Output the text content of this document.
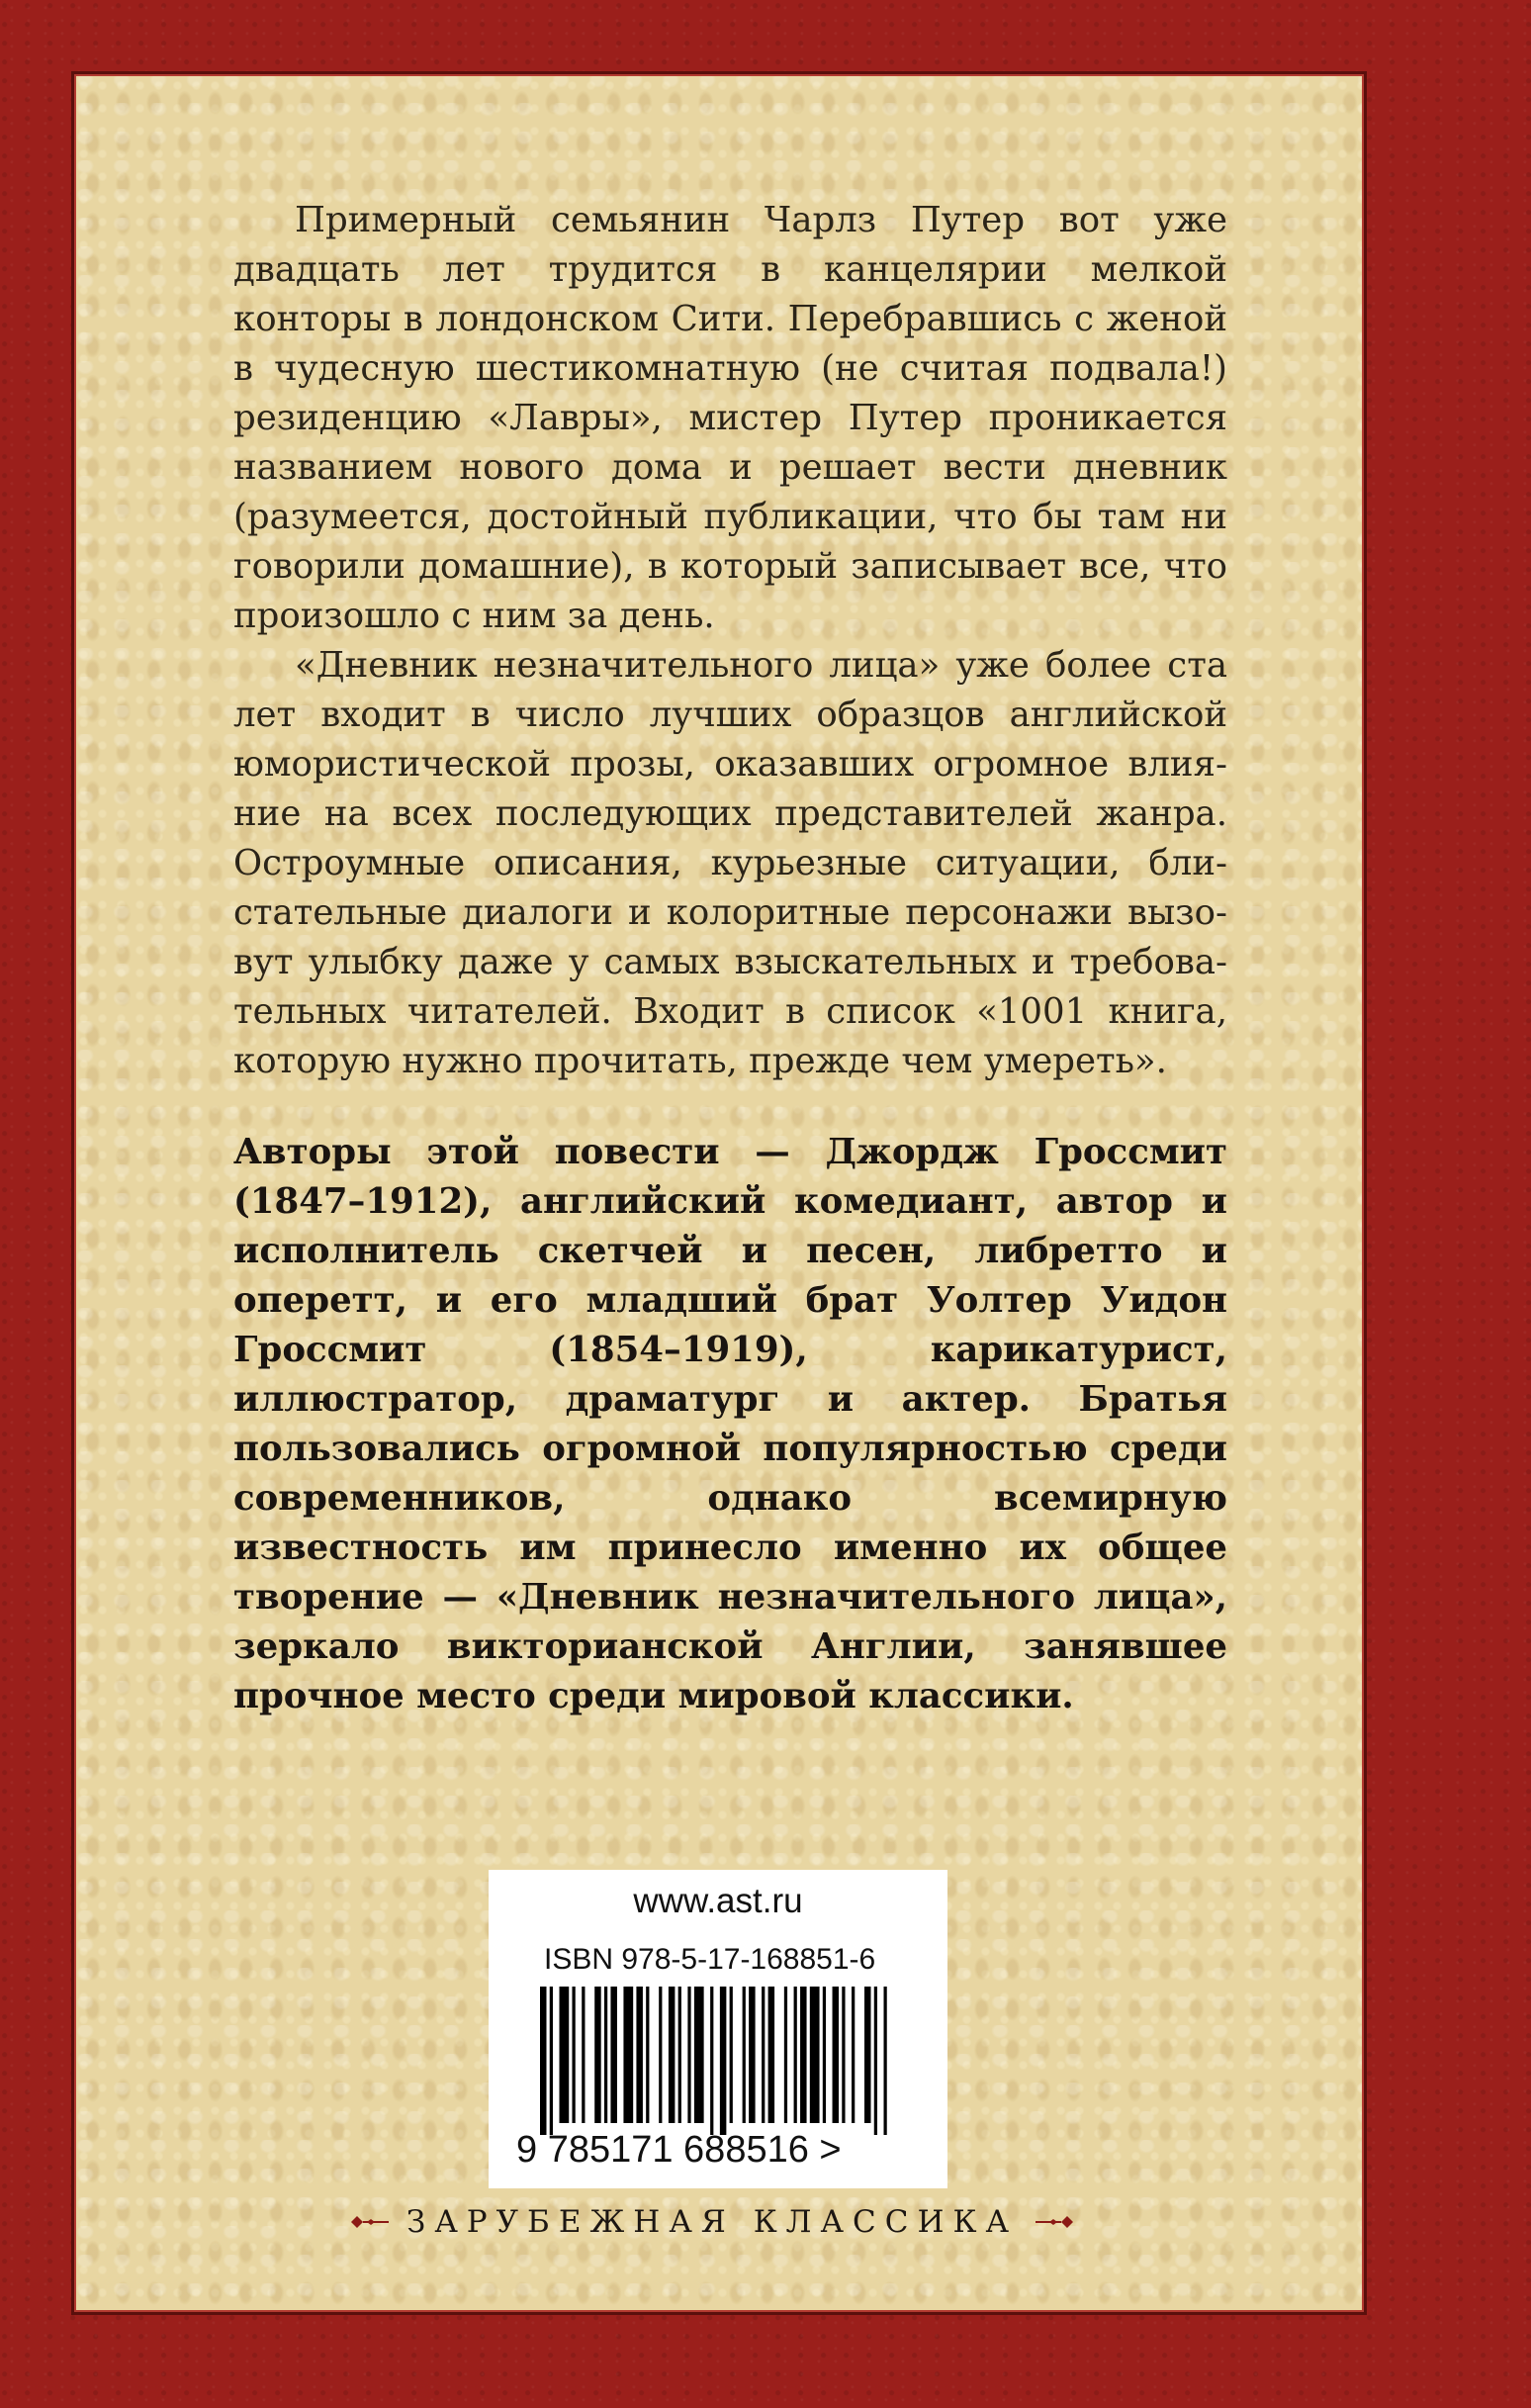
Примерный семьянин Чарлз Путер вот уже двадцать лет трудится в канцелярии мелкой конторы в лондонском Сити. Перебравшись с женой в чудесную шестикомнатную (не считая подвала!) резиденцию «Лавры», мистер Путер проникается названием нового дома и решает вести дневник (разумеется, достойный публикации, что бы там ни говорили домашние), в который записывает все, что произошло с ним за день.

«Дневник незначительного лица» уже более ста лет входит в число лучших образцов английской юмористической прозы, оказавших огромное влияние на всех последующих представителей жанра. Остроумные описания, курьезные ситуации, блистательные диалоги и колоритные персонажи вызовут улыбку даже у самых взыскательных и требовательных читателей. Входит в список «1001 книга, которую нужно прочитать, прежде чем умереть».

Авторы этой повести — Джордж Гроссмит (1847–1912), английский комедиант, автор и исполнитель скетчей и песен, либретто и оперетт, и его младший брат Уолтер Уидон Гроссмит (1854–1919), карикатурист, иллюстратор, драматург и актер. Братья пользовались огромной популярностью среди современников, однако всемирную известность им принесло именно их общее творение — «Дневник незначительного лица», зеркало викторианской Англии, занявшее прочное место среди мировой классики.
www.ast.ru
ISBN 978-5-17-168851-6
9 785171 688516 >
ЗАРУБЕЖНАЯ КЛАССИКА
